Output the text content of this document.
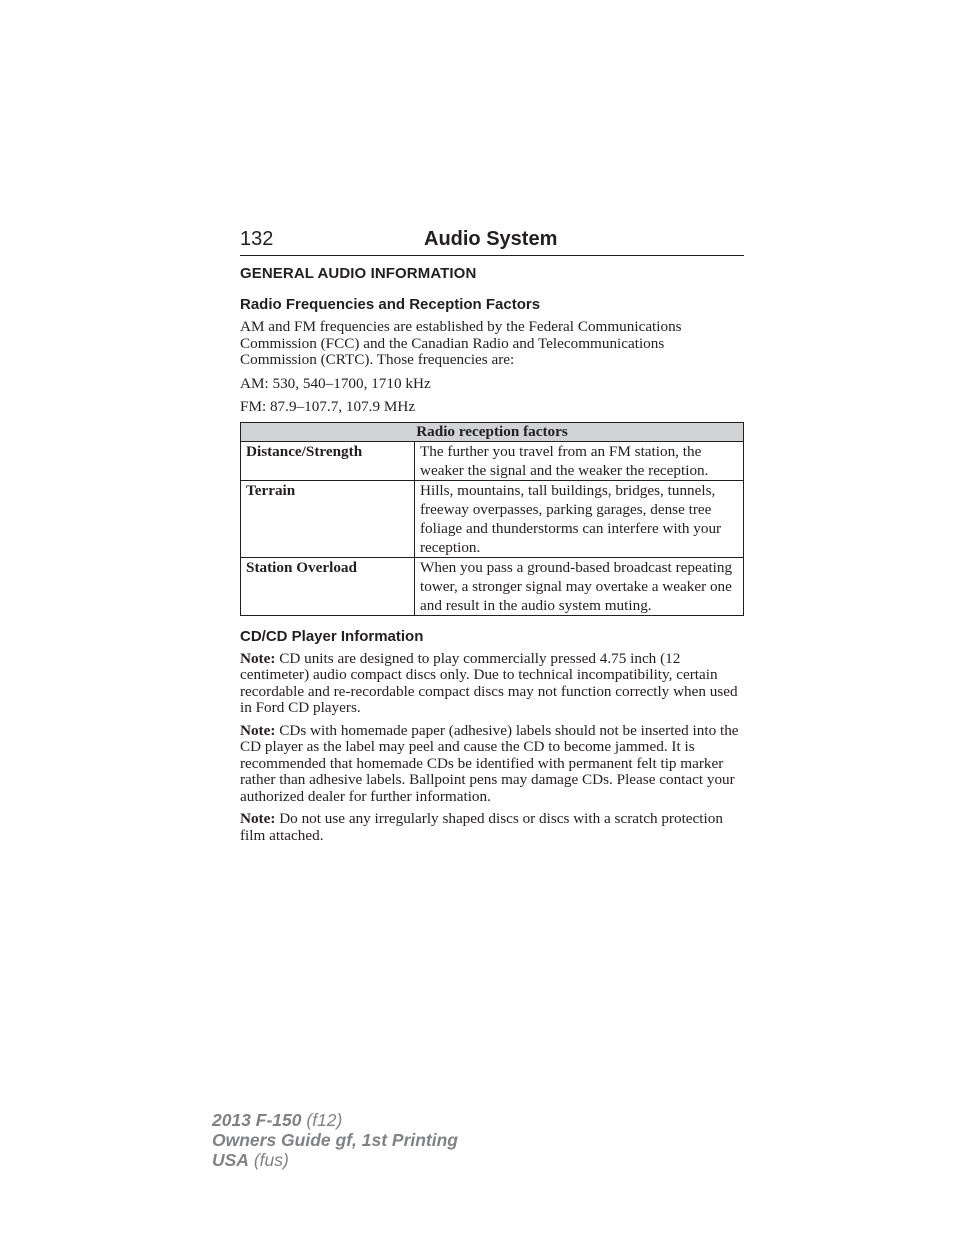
132	Audio System
GENERAL AUDIO INFORMATION
Radio Frequencies and Reception Factors

AM and FM frequencies are established by the Federal Communications Commission (FCC) and the Canadian Radio and Telecommunications Commission (CRTC). Those frequencies are:

AM: 530, 540–1700, 1710 kHz

FM: 87.9–107.7, 107.9 MHz

Radio reception factors	
Distance/Strength	The further you travel from an FM station, the weaker the signal and the weaker the reception.
Terrain	Hills, mountains, tall buildings, bridges, tunnels, freeway overpasses, parking garages, dense tree foliage and thunderstorms can interfere with your reception.
Station Overload	When you pass a ground-based broadcast repeating tower, a stronger signal may overtake a weaker one and result in the audio system muting.
CD/CD Player Information

Note: CD units are designed to play commercially pressed 4.75 inch (12 centimeter) audio compact discs only. Due to technical incompatibility, certain recordable and re-recordable compact discs may not function correctly when used in Ford CD players.

Note: CDs with homemade paper (adhesive) labels should not be inserted into the CD player as the label may peel and cause the CD to become jammed. It is recommended that homemade CDs be identified with permanent felt tip marker rather than adhesive labels. Ballpoint pens may damage CDs. Please contact your authorized dealer for further information.

Note: Do not use any irregularly shaped discs or discs with a scratch protection film attached.

2013 F-150 (f12)
Owners Guide gf, 1st Printing
USA (fus)
